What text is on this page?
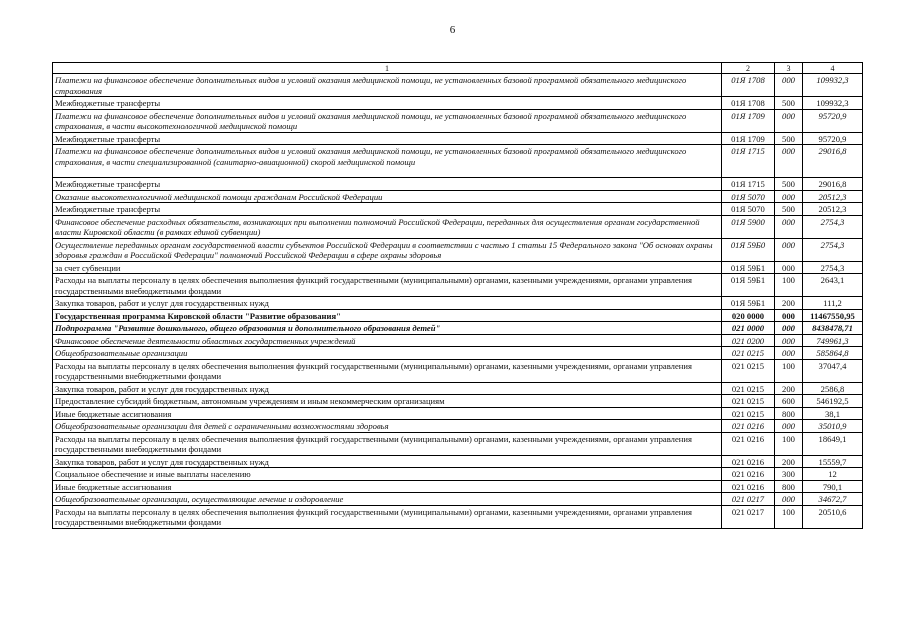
6
1	2	3	4
Платежи на финансовое обеспечение дополнительных видов и условий оказания медицинской помощи, не установленных базовой программой обязательного медицинского страхования	01Я 1708	000	109932,3
Межбюджетные трансферты	01Я 1708	500	109932,3
Платежи на финансовое обеспечение дополнительных видов и условий оказания медицинской помощи, не установленных базовой программой обязательного медицинского страхования, в части высокотехнологичной медицинской помощи	01Я 1709	000	95720,9
Межбюджетные трансферты	01Я 1709	500	95720,9
Платежи на финансовое обеспечение дополнительных видов и условий оказания медицинской помощи, не установленных базовой программой обязательного медицинского страхования, в части специализированной (санитарно-авиационной) скорой медицинской помощи	01Я 1715	000	29016,8
Межбюджетные трансферты	01Я 1715	500	29016,8
Оказание высокотехнологичной медицинской помощи гражданам Российской Федерации	01Я 5070	000	20512,3
Межбюджетные трансферты	01Я 5070	500	20512,3
Финансовое обеспечение расходных обязательств, возникающих при выполнении полномочий Российской Федерации, переданных для осуществления органам государственной власти Кировской области (в рамках единой субвенции)	01Я 5900	000	2754,3
Осуществление переданных органам государственной власти субъектов Российской Федерации в соответствии с частью 1 статьи 15 Федерального закона "Об основах охраны здоровья граждан в Российской Федерации" полномочий Российской Федерации в сфере охраны здоровья	01Я 59Б0	000	2754,3
за счет субвенции	01Я 59Б1	000	2754,3
Расходы на выплаты персоналу в целях обеспечения выполнения функций государственными (муниципальными) органами, казенными учреждениями, органами управления государственными внебюджетными фондами	01Я 59Б1	100	2643,1
Закупка товаров, работ и услуг для государственных нужд	01Я 59Б1	200	111,2
Государственная программа Кировской области "Развитие образования"	020 0000	000	11467550,95
Подпрограмма "Развитие дошкольного, общего образования и дополнительного образования детей"	021 0000	000	8438478,71
Финансовое обеспечение деятельности областных государственных учреждений	021 0200	000	749961,3
Общеобразовательные организации	021 0215	000	585864,8
Расходы на выплаты персоналу в целях обеспечения выполнения функций государственными (муниципальными) органами, казенными учреждениями, органами управления государственными внебюджетными фондами	021 0215	100	37047,4
Закупка товаров, работ и услуг для государственных нужд	021 0215	200	2586,8
Предоставление субсидий бюджетным, автономным учреждениям и иным некоммерческим организациям	021 0215	600	546192,5
Иные бюджетные ассигнования	021 0215	800	38,1
Общеобразовательные организации для детей с ограниченными возможностями здоровья	021 0216	000	35010,9
Расходы на выплаты персоналу в целях обеспечения выполнения функций государственными (муниципальными) органами, казенными учреждениями, органами управления государственными внебюджетными фондами	021 0216	100	18649,1
Закупка товаров, работ и услуг для государственных нужд	021 0216	200	15559,7
Социальное обеспечение и иные выплаты населению	021 0216	300	12
Иные бюджетные ассигнования	021 0216	800	790,1
Общеобразовательные организации, осуществляющие лечение и оздоровление	021 0217	000	34672,7
Расходы на выплаты персоналу в целях обеспечения выполнения функций государственными (муниципальными) органами, казенными учреждениями, органами управления государственными внебюджетными фондами	021 0217	100	20510,6
